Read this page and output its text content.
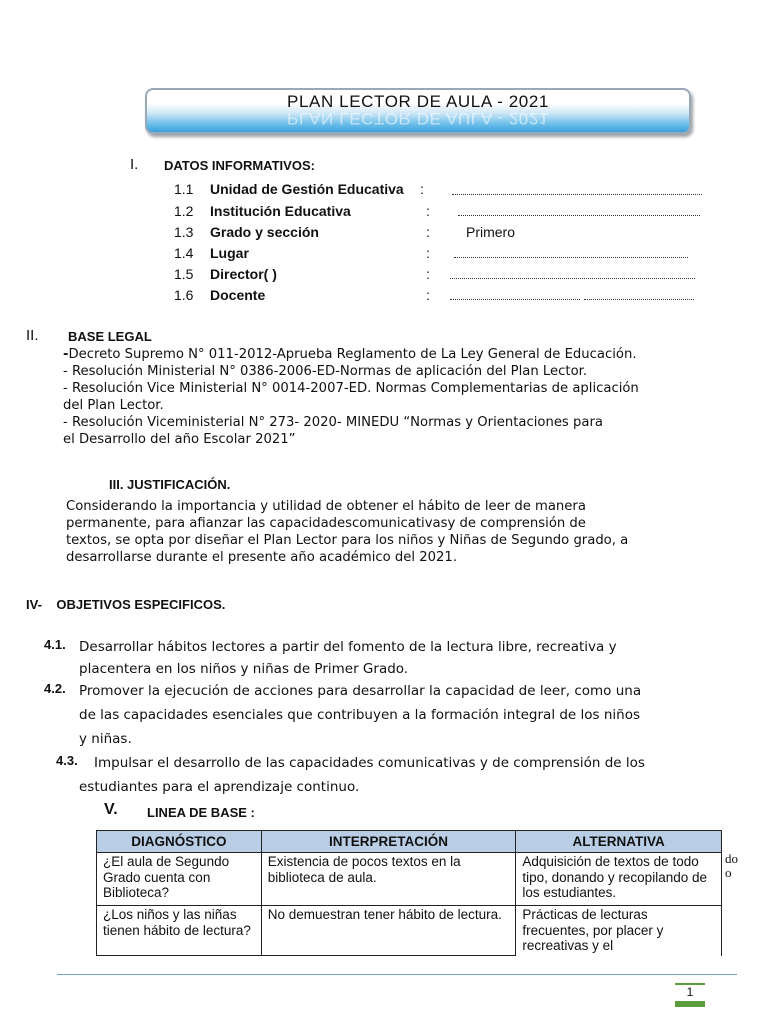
PLAN LECTOR DE AULA - 2021
PLAN LECTOR DE AULA - 2021
I. DATOS INFORMATIVOS:
1.1 Unidad de Gestión Educativa :
1.2 Institución Educativa	:
1.3 Grado y sección	:	Primero
1.4 Lugar	:
1.5 Director( )	:
1.6 Docente	:
II. BASE LEGAL
-Decreto Supremo N° 011-2012-Aprueba Reglamento de La Ley General de Educación.
- Resolución Ministerial N° 0386-2006-ED-Normas de aplicación del Plan Lector.
- Resolución Vice Ministerial N° 0014-2007-ED. Normas Complementarias de aplicación
del Plan Lector.
- Resolución Viceministerial N° 273- 2020- MINEDU “Normas y Orientaciones para
el Desarrollo del año Escolar 2021”
III. JUSTIFICACIÓN.
Considerando la importancia y utilidad de obtener el hábito de leer de manera
permanente, para afianzar las capacidadescomunicativasy de comprensión de
textos, se opta por diseñar el Plan Lector para los niños y Niñas de Segundo grado, a
desarrollarse durante el presente año académico del 2021.
IV-    OBJETIVOS ESPECIFICOS.
4.1. Desarrollar hábitos lectores a partir del fomento de la lectura libre, recreativa y
placentera en los niños y niñas de Primer Grado.
4.2. Promover la ejecución de acciones para desarrollar la capacidad de leer, como una
de las capacidades esenciales que contribuyen a la formación integral de los niños
y niñas.
4.3. Impulsar el desarrollo de las capacidades comunicativas y de comprensión de los
estudiantes para el aprendizaje continuo.
V. LINEA DE BASE :
DIAGNÓSTICO	INTERPRETACIÓN	ALTERNATIVA
¿El aula de Segundo Grado cuenta con Biblioteca?	Existencia de pocos textos en la biblioteca de aula.	Adquisición de textos de todo tipo, donando y recopilando de los estudiantes.
¿Los niños y las niñas tienen hábito de lectura?	No demuestran tener hábito de lectura.	Prácticas de lecturas frecuentes, por placer y recreativas y el
do
o
1
